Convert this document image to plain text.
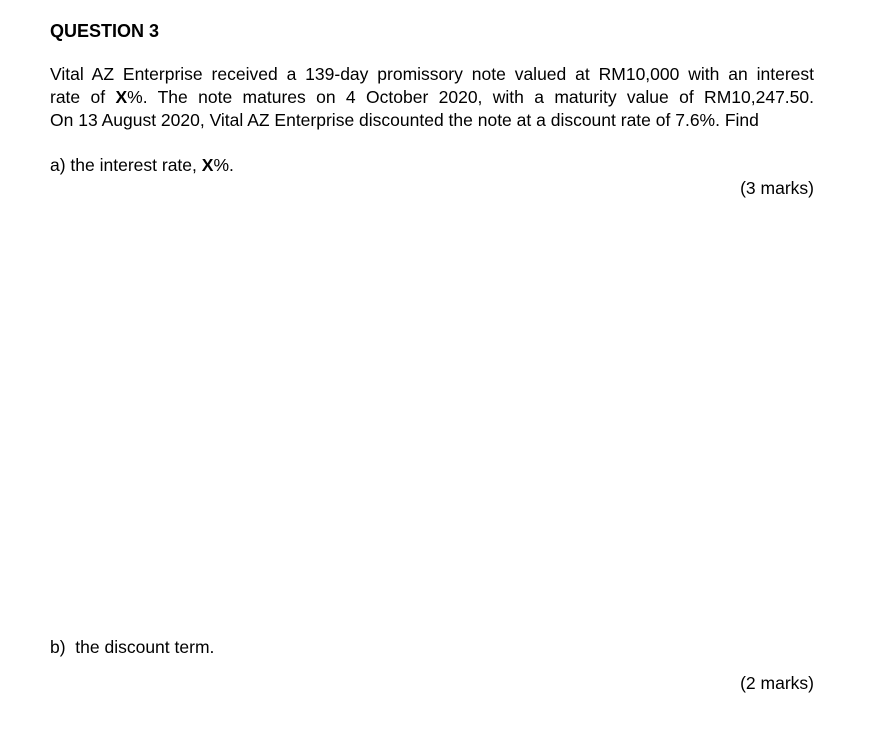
QUESTION 3
Vital AZ Enterprise received a 139-day promissory note valued at RM10,000 with an interest
rate of X%. The note matures on 4 October 2020, with a maturity value of RM10,247.50.
On 13 August 2020, Vital AZ Enterprise discounted the note at a discount rate of 7.6%. Find
a) the interest rate, X%.
(3 marks)
b)  the discount term.
(2 marks)
